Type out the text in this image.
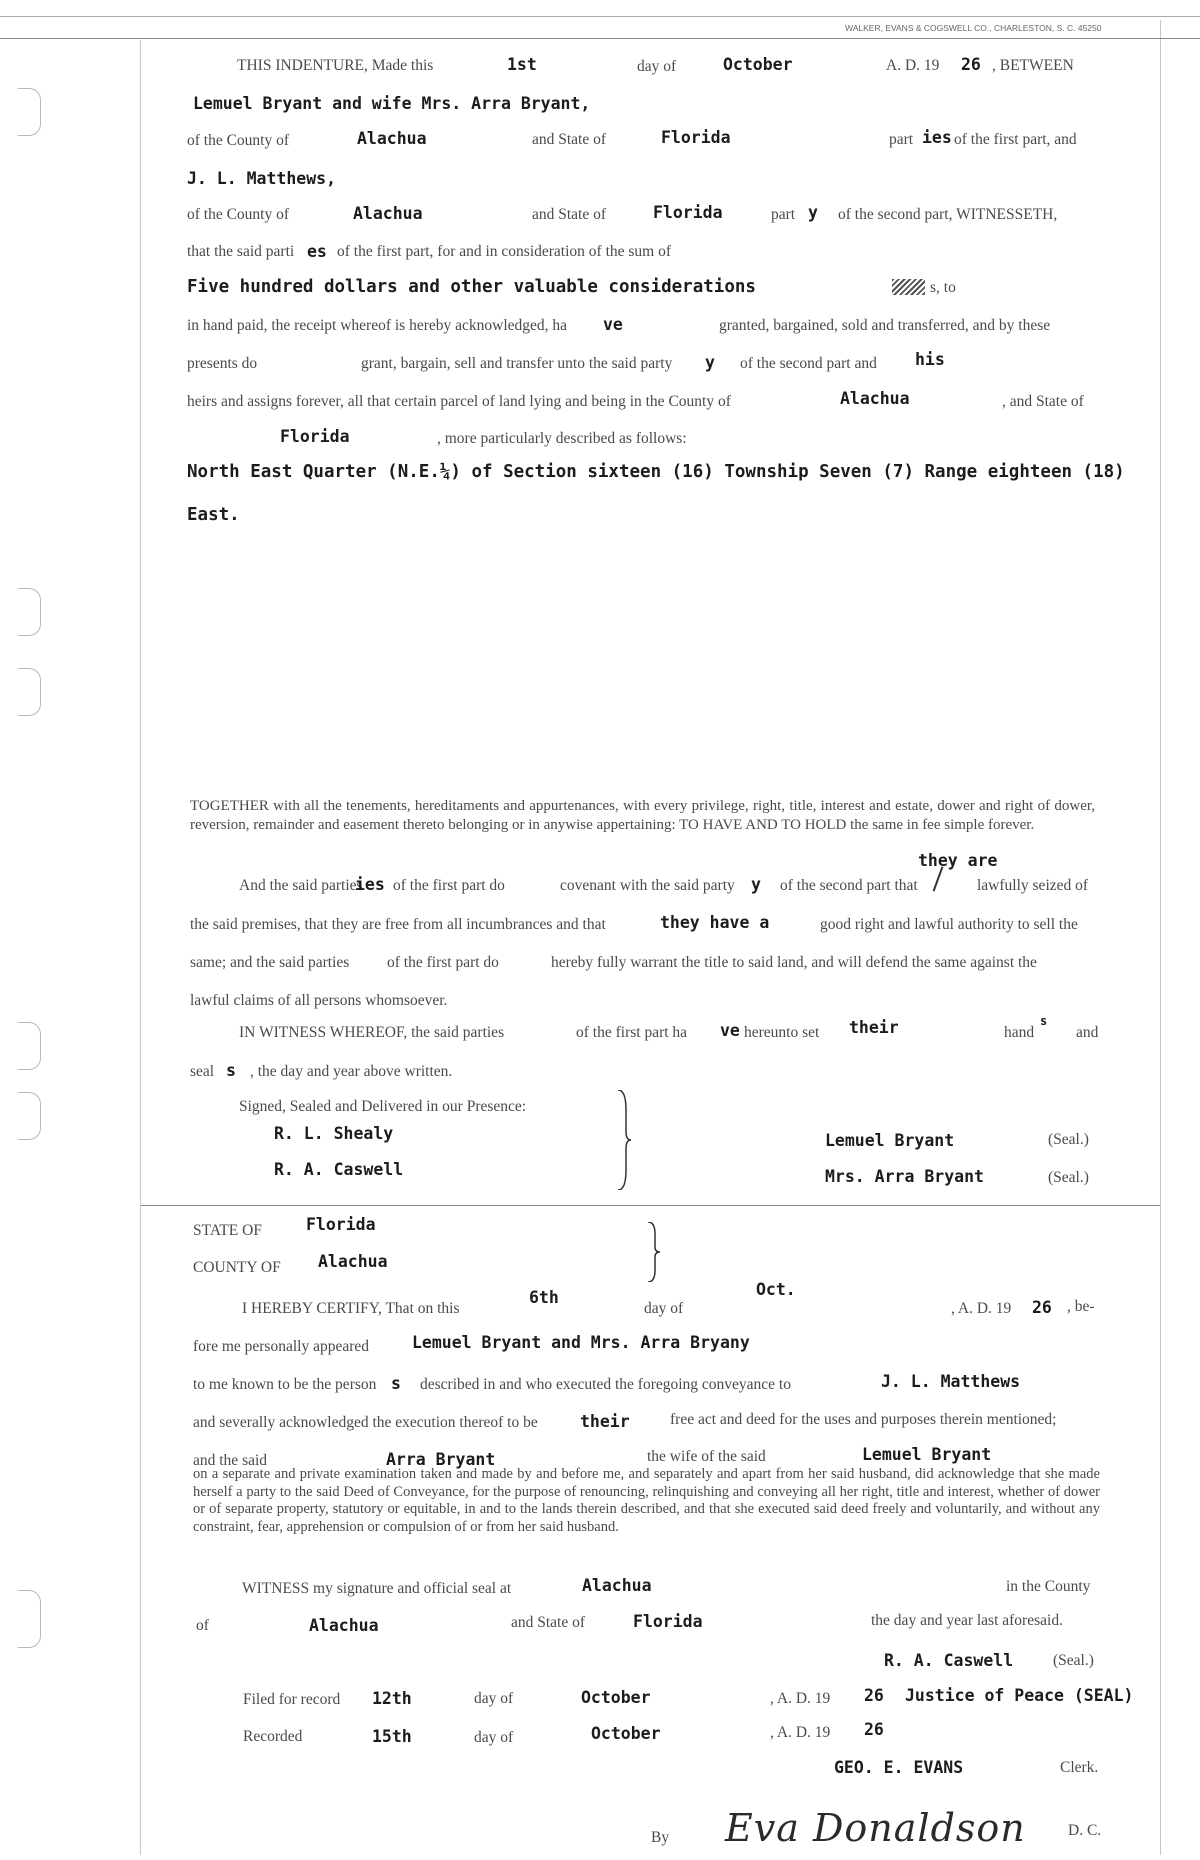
WALKER, EVANS & COGSWELL CO., CHARLESTON, S. C. 45250
THIS INDENTURE, Made this	1st	day of	October	A. D. 19 26 , BETWEEN
Lemuel Bryant and wife Mrs. Arra Bryant,
of the County of	Alachua	and State of	Florida	part ies of the first part, and
J. L. Matthews,
of the County of	Alachua	and State of	Florida	part y of the second part, WITNESSETH,
that the said parti es of the first part, for and in consideration of the sum of
Five hundred dollars and other valuable considerations	s, to
in hand paid, the receipt whereof is hereby acknowledged, ha ve	granted, bargained, sold and transferred, and by these
presents do	grant, bargain, sell and transfer unto the said party y of the second part and his
heirs and assigns forever, all that certain parcel of land lying and being in the County of	Alachua	, and State of
Florida	, more particularly described as follows:
North East Quarter (N.E.¼) of Section sixteen (16) Township Seven (7) Range eighteen (18)
East.
TOGETHER with all the tenements, hereditaments and appurtenances, with every privilege, right, title, interest and estate, dower and right of dower, reversion, remainder and easement thereto belonging or in anywise appertaining: TO HAVE AND TO HOLD the same in fee simple forever.
they are
And the said parties
ies of the first part do	covenant with the said party y of the second part that	lawfully seized of
the said premises, that they are free from all incumbrances and that	they have a	good right and lawful authority to sell the
same; and the said parties of the first part do	hereby fully warrant the title to said land, and will defend the same against the
lawful claims of all persons whomsoever.
IN WITNESS WHEREOF, the said parties	of the first part ha ve hereunto set their	hand
s
and
seal s , the day and year above written.
Signed, Sealed and Delivered in our Presence:
R. L. Shealy
R. A. Caswell
Lemuel Bryant	(Seal.)
Mrs. Arra Bryant	(Seal.)
STATE OF	Florida
COUNTY OF Alachua
I HEREBY CERTIFY, That on this
6th
day of
Oct.
, A. D. 19 26 , be-
fore me personally appeared	Lemuel Bryant and Mrs. Arra Bryany
to me known to be the person s described in and who executed the foregoing conveyance to	J. L. Matthews
and severally acknowledged the execution thereof to be	their	free act and deed for the uses and purposes therein mentioned;
and the said	Arra Bryant	the wife of the said	Lemuel Bryant
on a separate and private examination taken and made by and before me, and separately and apart from her said husband, did acknowledge that she made herself a party to the said Deed of Conveyance, for the purpose of renouncing, relinquishing and conveying all her right, title and interest, whether of dower or of separate property, statutory or equitable, in and to the lands therein described, and that she executed said deed freely and voluntarily, and without any constraint, fear, apprehension or compulsion of or from her said husband.
WITNESS my signature and official seal at	Alachua	in the County
of	Alachua	and State of	Florida	the day and year last aforesaid.
R. A. Caswell	(Seal.)
Filed for record 12th	day of	October	, A. D. 19 26 Justice of Peace (SEAL)
Recorded	15th	day of	October	, A. D. 19 26
GEO. E. EVANS	Clerk.
By Eva Donaldson	D. C.
